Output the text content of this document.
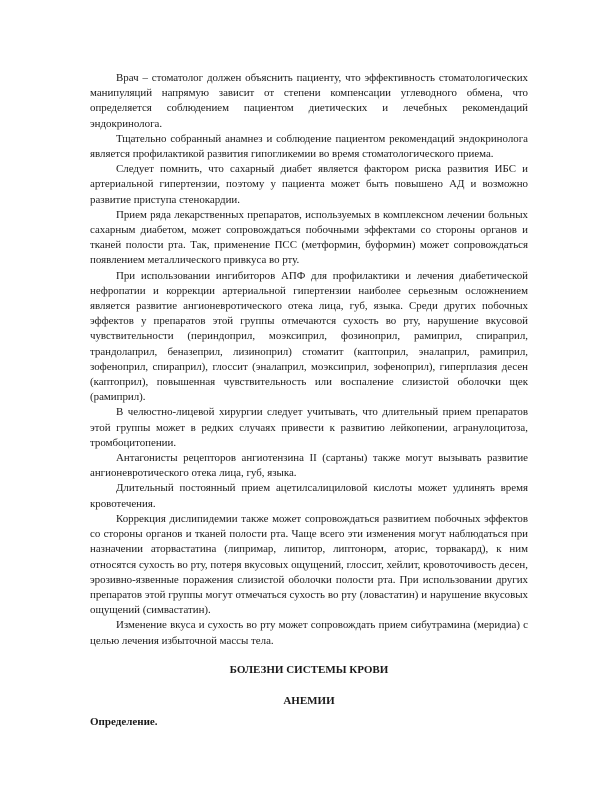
Врач – стоматолог должен объяснить пациенту, что эффективность стоматологических манипуляций напрямую зависит от степени компенсации углеводного обмена, что определяется соблюдением пациентом диетических и лечебных рекомендаций эндокринолога.

Тщательно собранный анамнез и соблюдение пациентом рекомендаций эндокринолога является профилактикой развития гипогликемии во время стоматологического приема.

Следует помнить, что сахарный диабет является фактором риска развития ИБС и артериальной гипертензии, поэтому у пациента может быть повышено АД и возможно развитие приступа стенокардии.

Прием ряда лекарственных препаратов, используемых в комплексном лечении больных сахарным диабетом, может сопровождаться побочными эффектами со стороны органов и тканей полости рта. Так, применение ПСС (метформин, буформин) может сопровождаться появлением металлического привкуса во рту.

При использовании ингибиторов АПФ для профилактики и лечения диабетической нефропатии и коррекции артериальной гипертензии наиболее серьезным осложнением является развитие ангионевротического отека лица, губ, языка. Среди других побочных эффектов у препаратов этой группы отмечаются сухость во рту, нарушение вкусовой чувствительности (периндоприл, моэксиприл, фозиноприл, рамиприл, спираприл, трандолаприл, беназеприл, лизиноприл) стоматит (каптоприл, эналаприл, рамиприл, зофеноприл, спираприл), глоссит (эналаприл, моэксиприл, зофеноприл), гиперплазия десен (каптоприл), повышенная чувствительность или воспаление слизистой оболочки щек (рамиприл).

В челюстно-лицевой хирургии следует учитывать, что длительный прием препаратов этой группы может в редких случаях привести к развитию лейкопении, агранулоцитоза, тромбоцитопении.

Антагонисты рецепторов ангиотензина II (сартаны) также могут вызывать развитие ангионевротического отека лица, губ, языка.

Длительный постоянный прием ацетилсалициловой кислоты может удлинять время кровотечения.

Коррекция дислипидемии также может сопровождаться развитием побочных эффектов со стороны органов и тканей полости рта. Чаще всего эти изменения могут наблюдаться при назначении аторвастатина (липримар, липитор, липтонорм, аторис, торвакард), к ним относятся сухость во рту, потеря вкусовых ощущений, глоссит, хейлит, кровоточивость десен, эрозивно-язвенные поражения слизистой оболочки полости рта. При использовании других препаратов этой группы могут отмечаться сухость во рту (ловастатин) и нарушение вкусовых ощущений (симвастатин).

Изменение вкуса и сухость во рту может сопровождать прием сибутрамина (меридиа) с целью лечения избыточной массы тела.

БОЛЕЗНИ СИСТЕМЫ КРОВИ
АНЕМИИ

Определение.
